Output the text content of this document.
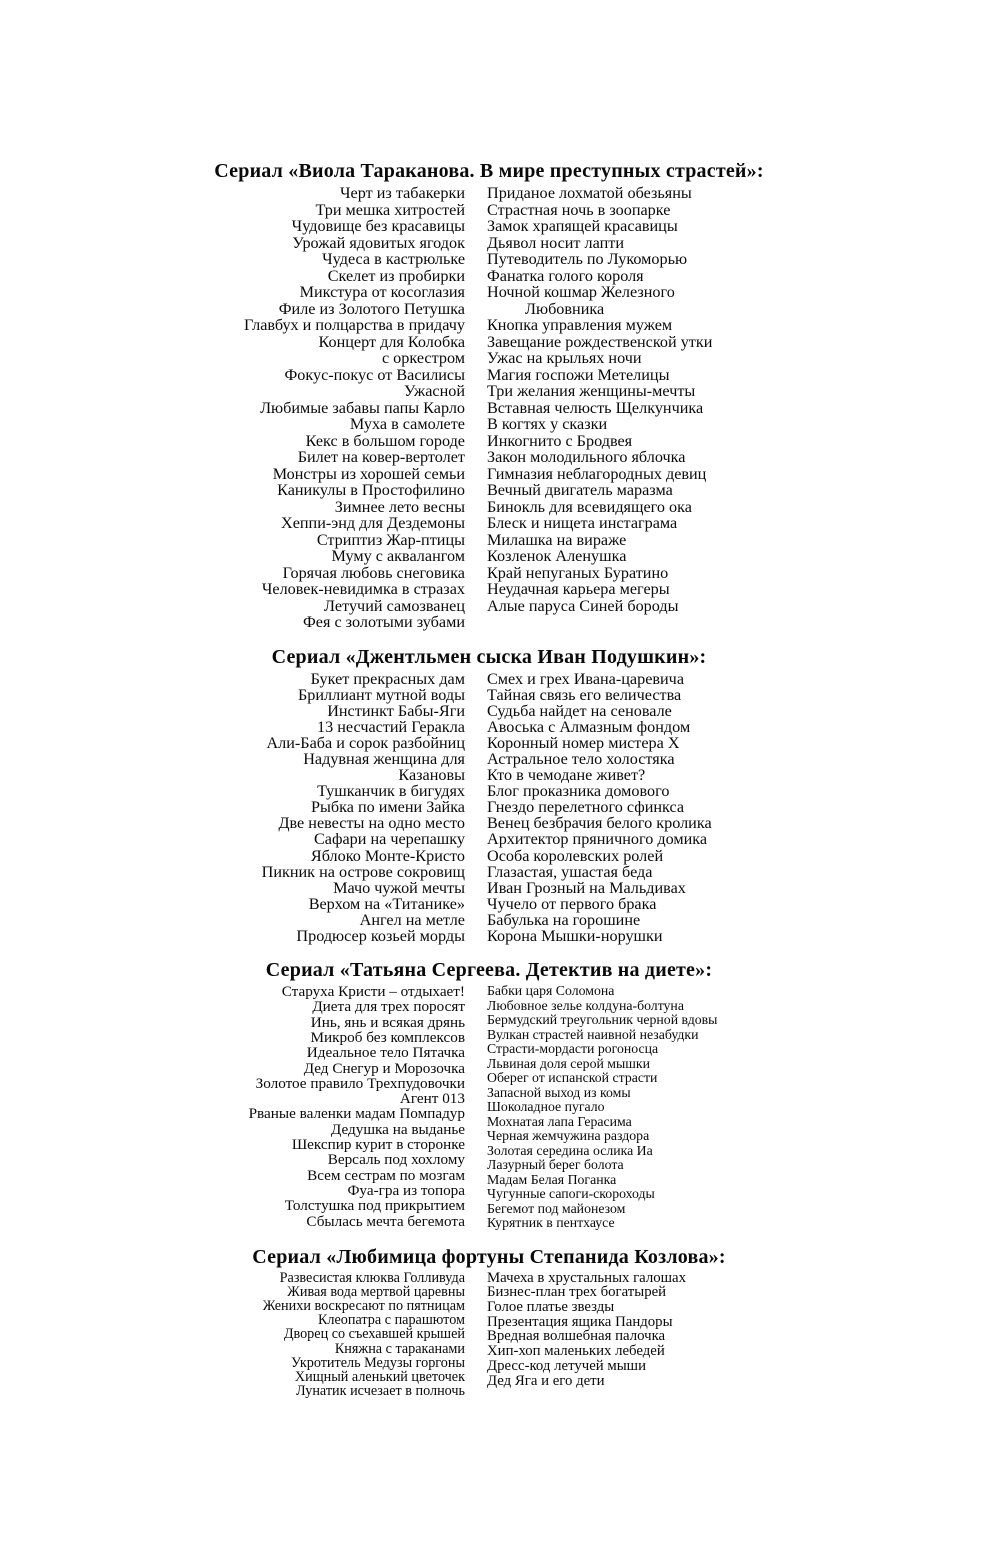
Сериал «Виола Тараканова. В мире преступных страстей»:
Черт из табакерки
Три мешка хитростей
Чудовище без красавицы
Урожай ядовитых ягодок
Чудеса в кастрюльке
Скелет из пробирки
Микстура от косоглазия
Филе из Золотого Петушка
Главбух и полцарства в придачу
Концерт для Колобка
с оркестром
Фокус-покус от Василисы
Ужасной
Любимые забавы папы Карло
Муха в самолете
Кекс в большом городе
Билет на ковер-вертолет
Монстры из хорошей семьи
Каникулы в Простофилино
Зимнее лето весны
Хеппи-энд для Дездемоны
Стриптиз Жар-птицы
Муму с аквалангом
Горячая любовь снеговика
Человек-невидимка в стразах
Летучий самозванец
Фея с золотыми зубами
Приданое лохматой обезьяны
Страстная ночь в зоопарке
Замок храпящей красавицы
Дьявол носит лапти
Путеводитель по Лукоморью
Фанатка голого короля
Ночной кошмар Железного
Любовника
Кнопка управления мужем
Завещание рождественской утки
Ужас на крыльях ночи
Магия госпожи Метелицы
Три желания женщины-мечты
Вставная челюсть Щелкунчика
В когтях у сказки
Инкогнито с Бродвея
Закон молодильного яблочка
Гимназия неблагородных девиц
Вечный двигатель маразма
Бинокль для всевидящего ока
Блеск и нищета инстаграма
Милашка на вираже
Козленок Аленушка
Край непуганых Буратино
Неудачная карьера мегеры
Алые паруса Синей бороды
Сериал «Джентльмен сыска Иван Подушкин»:
Букет прекрасных дам
Бриллиант мутной воды
Инстинкт Бабы-Яги
13 несчастий Геракла
Али-Баба и сорок разбойниц
Надувная женщина для
Казановы
Тушканчик в бигудях
Рыбка по имени Зайка
Две невесты на одно место
Сафари на черепашку
Яблоко Монте-Кристо
Пикник на острове сокровищ
Мачо чужой мечты
Верхом на «Титанике»
Ангел на метле
Продюсер козьей морды
Смех и грех Ивана-царевича
Тайная связь его величества
Судьба найдет на сеновале
Авоська с Алмазным фондом
Коронный номер мистера Х
Астральное тело холостяка
Кто в чемодане живет?
Блог проказника домового
Гнездо перелетного сфинкса
Венец безбрачия белого кролика
Архитектор пряничного домика
Особа королевских ролей
Глазастая, ушастая беда
Иван Грозный на Мальдивах
Чучело от первого брака
Бабулька на горошине
Корона Мышки-норушки
Сериал «Татьяна Сергеева. Детектив на диете»:
Старуха Кристи – отдыхает!
Диета для трех поросят
Инь, янь и всякая дрянь
Микроб без комплексов
Идеальное тело Пятачка
Дед Снегур и Морозочка
Золотое правило Трехпудовочки
Агент 013
Рваные валенки мадам Помпадур
Дедушка на выданье
Шекспир курит в сторонке
Версаль под хохлому
Всем сестрам по мозгам
Фуа-гра из топора
Толстушка под прикрытием
Сбылась мечта бегемота
Бабки царя Соломона
Любовное зелье колдуна-болтуна
Бермудский треугольник черной вдовы
Вулкан страстей наивной незабудки
Страсти-мордасти рогоносца
Львиная доля серой мышки
Оберег от испанской страсти
Запасной выход из комы
Шоколадное пугало
Мохнатая лапа Герасима
Черная жемчужина раздора
Золотая середина ослика Иа
Лазурный берег болота
Мадам Белая Поганка
Чугунные сапоги-скороходы
Бегемот под майонезом
Курятник в пентхаусе
Сериал «Любимица фортуны Степанида Козлова»:
Развесистая клюква Голливуда
Живая вода мертвой царевны
Женихи воскресают по пятницам
Клеопатра с парашютом
Дворец со съехавшей крышей
Княжна с тараканами
Укротитель Медузы горгоны
Хищный аленький цветочек
Лунатик исчезает в полночь
Мачеха в хрустальных галошах
Бизнес-план трех богатырей
Голое платье звезды
Презентация ящика Пандоры
Вредная волшебная палочка
Хип-хоп маленьких лебедей
Дресс-код летучей мыши
Дед Яга и его дети
